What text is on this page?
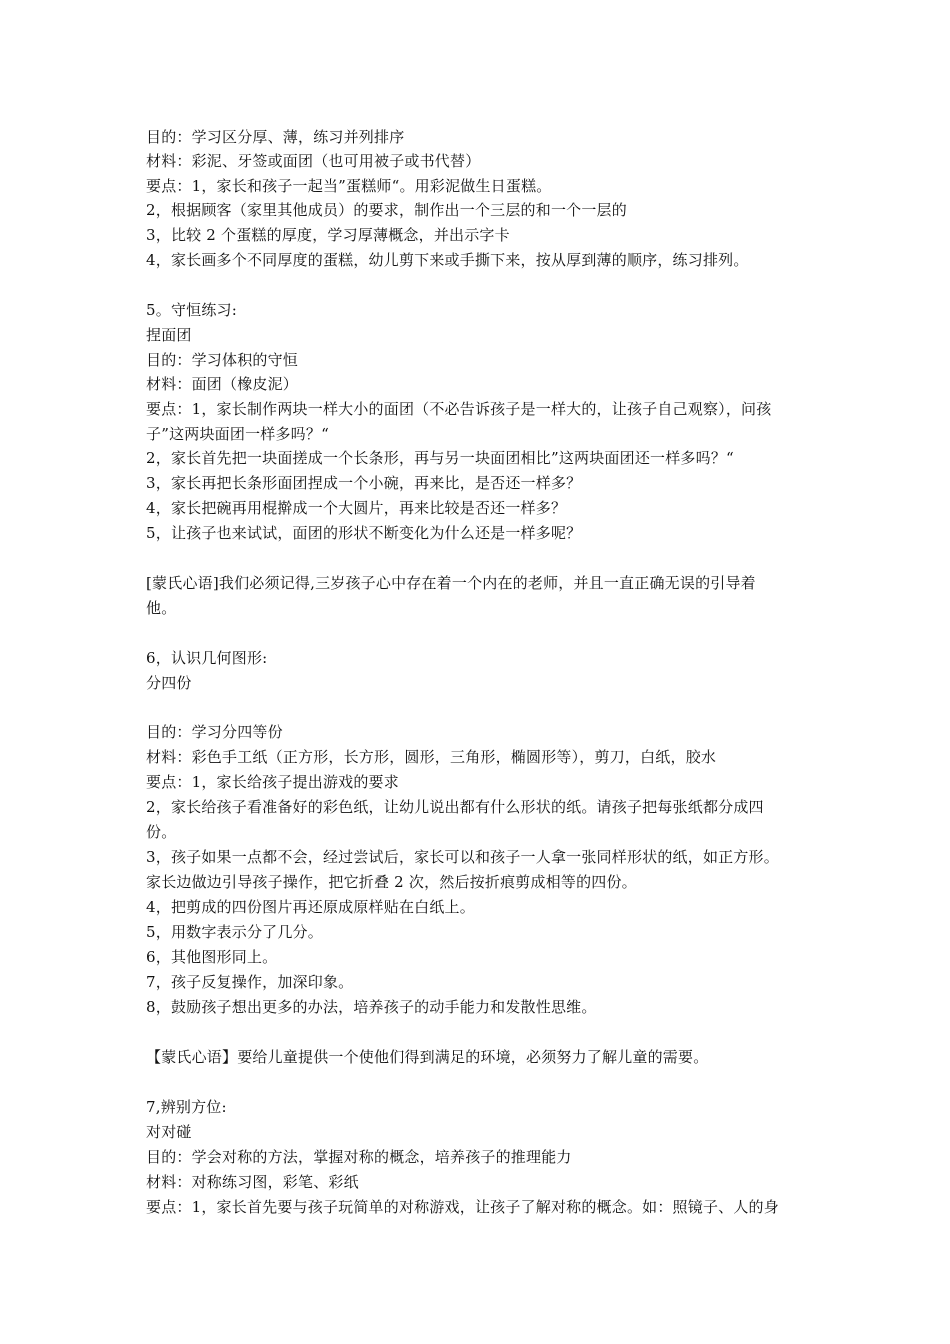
目的：学习区分厚、薄，练习并列排序
材料：彩泥、牙签或面团（也可用被子或书代替）
要点：1，家长和孩子一起当”蛋糕师“。用彩泥做生日蛋糕。
2，根据顾客（家里其他成员）的要求，制作出一个三层的和一个一层的
3，比较 2 个蛋糕的厚度，学习厚薄概念，并出示字卡
4，家长画多个不同厚度的蛋糕，幼儿剪下来或手撕下来，按从厚到薄的顺序，练习排列。
5。守恒练习:
捏面团
目的：学习体积的守恒
材料：面团（橡皮泥）
要点：1，家长制作两块一样大小的面团（不必告诉孩子是一样大的，让孩子自己观察），问孩
子”这两块面团一样多吗？“
2，家长首先把一块面搓成一个长条形，再与另一块面团相比”这两块面团还一样多吗？“
3，家长再把长条形面团捏成一个小碗，再来比，是否还一样多？
4，家长把碗再用棍擀成一个大圆片，再来比较是否还一样多？
5，让孩子也来试试，面团的形状不断变化为什么还是一样多呢？
[蒙氏心语]我们必须记得,三岁孩子心中存在着一个内在的老师，并且一直正确无误的引导着
他。
6，认识几何图形:
分四份
目的：学习分四等份
材料：彩色手工纸（正方形，长方形，圆形，三角形，椭圆形等），剪刀，白纸，胶水
要点：1，家长给孩子提出游戏的要求
2，家长给孩子看准备好的彩色纸，让幼儿说出都有什么形状的纸。请孩子把每张纸都分成四
份。
3，孩子如果一点都不会，经过尝试后，家长可以和孩子一人拿一张同样形状的纸，如正方形。
家长边做边引导孩子操作，把它折叠 2 次，然后按折痕剪成相等的四份。
4，把剪成的四份图片再还原成原样贴在白纸上。
5，用数字表示分了几分。
6，其他图形同上。
7，孩子反复操作，加深印象。
8，鼓励孩子想出更多的办法，培养孩子的动手能力和发散性思维。
【蒙氏心语】要给儿童提供一个使他们得到满足的环境，必须努力了解儿童的需要。
7,辨别方位:
对对碰
目的：学会对称的方法，掌握对称的概念，培养孩子的推理能力
材料：对称练习图，彩笔、彩纸
要点：1，家长首先要与孩子玩简单的对称游戏，让孩子了解对称的概念。如：照镜子、人的身
